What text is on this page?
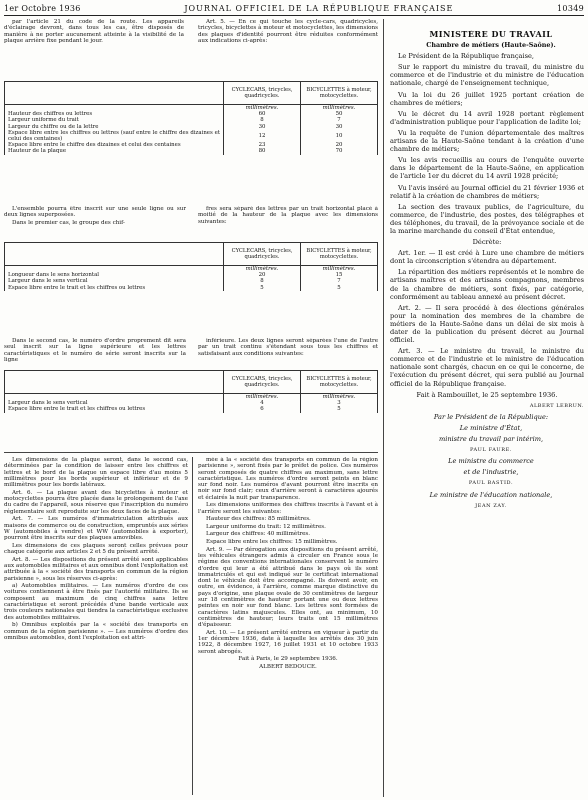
1er Octobre 1936	JOURNAL OFFICIEL DE LA RÉPUBLIQUE FRANÇAISE	10349

par l'article 21 du code de la route. Les appareils d'éclairage devront, dans tous les cas, être disposés de manière à ne porter aucunement atteinte à la visibilité de la plaque arrière fixe pendant le jour.

Art. 5. — En ce qui touche les cycle-cars, quadricycles, tricycles, bicyclettes à moteur et motocyclettes, les dimensions des plaques d'identité pourront être réduites conformément aux indications ci-après:

	CYCLECARS, tricycles, quadricycles.	BICYCLETTES à moteur, motocyclettes.
	millimètres.	millimètres.
Hauteur des chiffres ou lettres	60	50
Largeur uniforme du trait	8	7
Largeur du chiffre ou de la lettre	30	30
Espace libre entre les chiffres ou lettres (sauf entre le chiffre des dizaines et celui des centaines)	12	10
Espace libre entre le chiffre des dizaines et celui des centaines	23	20
Hauteur de la plaque	80	70

L'ensemble pourra être inscrit sur une seule ligne ou sur deux lignes superposées.

Dans le premier cas, le groupe des chif-

fres sera séparé des lettres par un trait horizontal placé à moitié de la hauteur de la plaque avec les dimensions suivantes:

	CYCLECARS, tricycles, quadricycles.	BICYCLETTES à moteur, motocyclettes.
	millimètres.	millimètres.
Longueur dans le sens horizontal	20	15
Largeur dans le sens vertical	8	7
Espace libre entre le trait et les chiffres ou lettres	5	5

Dans le second cas, le numéro d'ordre proprement dit sera seul inscrit sur la ligne supérieure et les lettres caractéristiques et le numéro de série seront inscrits sur la ligne

inférieure. Les deux lignes seront séparées l'une de l'autre par un trait continu s'étendant sous tous les chiffres et satisfaisant aux conditions suivantes:

	CYCLECARS, tricycles, quadricycles.	BICYCLETTES à moteur, motocyclettes.
	millimètres.	millimètres.
Largeur dans le sens vertical	4	3
Espace libre entre le trait et les chiffres ou lettres	6	5

Les dimensions de la plaque seront, dans le second cas, déterminées par la condition de laisser entre les chiffres et lettres et le bord de la plaque un espace libre d'au moins 5 millimètres pour les bords supérieur et inférieur et de 9 millimètres pour les bords latéraux.

Art. 6. — La plaque avant des bicyclettes à moteur et motocyclettes pourra être placée dans le prolongement de l'axe du cadre de l'appareil, sous réserve que l'inscription du numéro réglementaire soit reproduite sur les deux faces de la plaque.

Art. 7. — Les numéros d'immatriculation attribués aux maisons de commerce ou de construction, empruntés aux séries W (automobiles à vendre) et WW (automobiles à exporter), pourront être inscrits sur des plaques amovibles.

Les dimensions de ces plaques seront celles prévues pour chaque catégorie aux articles 2 et 5 du présent arrêté.

Art. 8. — Les dispositions du présent arrêté sont applicables aux automobiles militaires et aux omnibus dont l'exploitation est attribuée à la « société des transports en commun de la région parisienne », sous les réserves ci-après:

a) Automobiles militaires. — Les numéros d'ordre de ces voitures contiennent à être fixés par l'autorité militaire. Ils se composent au maximum de cinq chiffres sans lettre caractéristique et seront précédés d'une bande verticale aux trois couleurs nationales qui tiendra la caractéristique exclusive des automobiles militaires.

b) Omnibus exploités par la « société des transports en commun de la région parisienne ». — Les numéros d'ordre des omnibus automobiles, dont l'exploitation est attri-

mée à la « société des transports en commun de la région parisienne », seront fixés par le préfet de police. Ces numéros seront composés de quatre chiffres au maximum, sans lettre caractéristique. Les numéros d'ordre seront peints en blanc sur fond noir. Les numéros d'avant pourront être inscrits en noir sur fond clair; ceux d'arrière seront à caractères ajourés et éclairés la nuit par transparence.

Les dimensions uniformes des chiffres inscrits à l'avant et à l'arrière seront les suivantes:

Hauteur des chiffres: 85 millimètres.

Largeur uniforme du trait: 12 millimètres.

Largeur des chiffres: 40 millimètres.

Espace libre entre les chiffres: 15 millimètres.

Art. 9. — Par dérogation aux dispositions du présent arrêté, les véhicules étrangers admis à circuler en France sous le régime des conventions internationales conservent le numéro d'ordre qui leur a été attribué dans le pays où ils sont immatriculés et qui est indiqué sur le certificat international dont le véhicule doit être accompagné. Ils doivent avoir, en outre, en évidence, à l'arrière, comme marque distinctive du pays d'origine, une plaque ovale de 30 centimètres de largeur sur 18 centimètres de hauteur portant une ou deux lettres peintes en noir sur fond blanc. Les lettres sont formées de caractères latins majuscules. Elles ont, au minimum, 10 centimètres de hauteur; leurs traits ont 15 millimètres d'épaisseur.

Art. 10. — Le présent arrêté entrera en vigueur à partir du 1er décembre 1936, date à laquelle les arrêtés des 30 juin 1922, 8 décembre 1927, 16 juillet 1931 et 10 octobre 1933 seront abrogés.

Fait à Paris, le 29 septembre 1936.

ALBERT BEDOUCE.

MINISTÈRE DU TRAVAIL

Chambre de métiers (Haute-Saône).

Le Président de la République française,

Sur le rapport du ministre du travail, du ministre du commerce et de l'industrie et du ministre de l'éducation nationale, chargé de l'enseignement technique,

Vu la loi du 26 juillet 1925 portant création de chambres de métiers;

Vu le décret du 14 avril 1928 portant règlement d'administration publique pour l'application de ladite loi;

Vu la requête de l'union départementale des maîtres artisans de la Haute-Saône tendant à la création d'une chambre de métiers;

Vu les avis recueillis au cours de l'enquête ouverte dans le département de la Haute-Saône, en application de l'article 1er du décret du 14 avril 1928 précité;

Vu l'avis inséré au Journal officiel du 21 février 1936 et relatif à la création de chambres de métiers;

La section des travaux publics, de l'agriculture, du commerce, de l'industrie, des postes, des télégraphes et des téléphones, du travail, de la prévoyance sociale et de la marine marchande du conseil d'État entendue,

Décrète:

Art. 1er. — Il est créé à Lure une chambre de métiers dont la circonscription s'étendra au département.

La répartition des métiers représentés et le nombre de artisans maîtres et des artisans compagnons, membres de la chambre de métiers, sont fixés, par catégorie, conformément au tableau annexé au présent décret.

Art. 2. — Il sera procédé à des élections générales pour la nomination des membres de la chambre de métiers de la Haute-Saône dans un délai de six mois à dater de la publication du présent décret au Journal officiel.

Art. 3. — Le ministre du travail, le ministre du commerce et de l'industrie et le ministre de l'éducation nationale sont chargés, chacun en ce qui le concerne, de l'exécution du présent décret, qui sera publié au Journal officiel de la République française.

Fait à Rambouillet, le 25 septembre 1936.

ALBERT LEBRUN.

Par le Président de la République:

Le ministre d'État,

ministre du travail par intérim,

PAUL FAURE.

Le ministre du commerce

et de l'industrie,

PAUL BASTID.

Le ministre de l'éducation nationale,

JEAN ZAY.
